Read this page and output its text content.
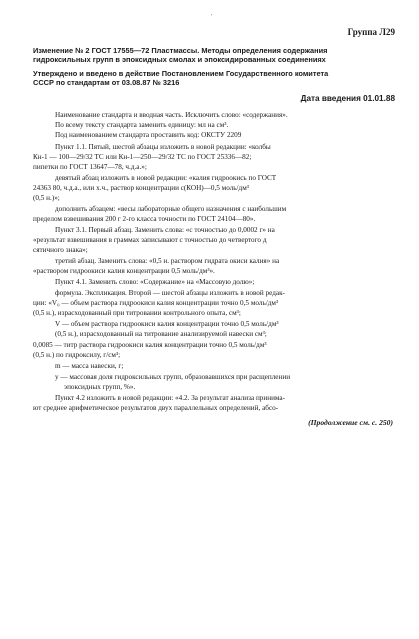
'
Группа Л29
Изменение № 2 ГОСТ 17555—72 Пластмассы. Методы определения содержания
гидроксильных групп в эпоксидных смолах и эпоксидированных соединениях
Утверждено и введено в действие Постановлением Государственного комитета
СССР по стандартам от 03.08.87 № 3216
Дата введения 01.01.88
Наименование стандарта и вводная часть. Исключить слово: «содержания».
По всему тексту стандарта заменить единицу: мл на см³.
Под наименованием стандарта проставить код: ОКСТУ 2209
Пункт 1.1. Пятый, шестой абзацы изложить в новой редакции: «колбы
Кн-1 — 100—29/32 ТС или Кн-1—250—29/32 ТС по ГОСТ 25336—82;
пипетки по ГОСТ 13647—78, ч.д.а.»;
девятый абзац изложить в новой редакции: «калия гидроокись по ГОСТ
24363 80, ч.д.а., или х.ч., раствор концентрации с(КОН)—0,5 моль/дм³
(0,5 н.)»;
дополнить абзацем: «весы лабораторные общего назначения с наибольшим
пределом взвешивания 200 г 2-го класса точности по ГОСТ 24104—80».
Пункт 3.1. Первый абзац. Заменить слова: «с точностью до 0,0002 г» на
«результат взвешивания в граммах записывают с точностью до четвертого д
сятичного знака»;
третий абзац. Заменить слова: «0,5 н. раствором гидрата окиси калия» на
«раствором гидроокиси калия концентрации 0,5 моль/дм³».
Пункт 4.1. Заменить слово: «Содержание» на «Массовую долю»;
формула. Экспликация. Второй — шестой абзацы изложить в новой редак-
ции: «V₀ — объем раствора гидроокиси калия концентрации точно 0,5 моль/дм³
(0,5 н.), израсходованный при титровании контрольного опыта, см³;
V — объем раствора гидроокиси калия концентрации точно 0,5 моль/дм³
(0,5 н.), израсходованный на титрование анализируемой навески см³;
0,0085 — титр раствора гидроокиси калия концентрации точно 0,5 моль/дм³
(0,5 н.) по гидроксилу, г/см³;
m — масса навески, г;
у — массовая доля гидроксильных групп, образовавшихся при расщеплении
эпоксидных групп, %».
Пункт 4.2 изложить в новой редакции: «4.2. За результат анализа принима-
ют среднее арифметическое результатов двух параллельных определений, абсо-
(Продолжение см. с. 250)
